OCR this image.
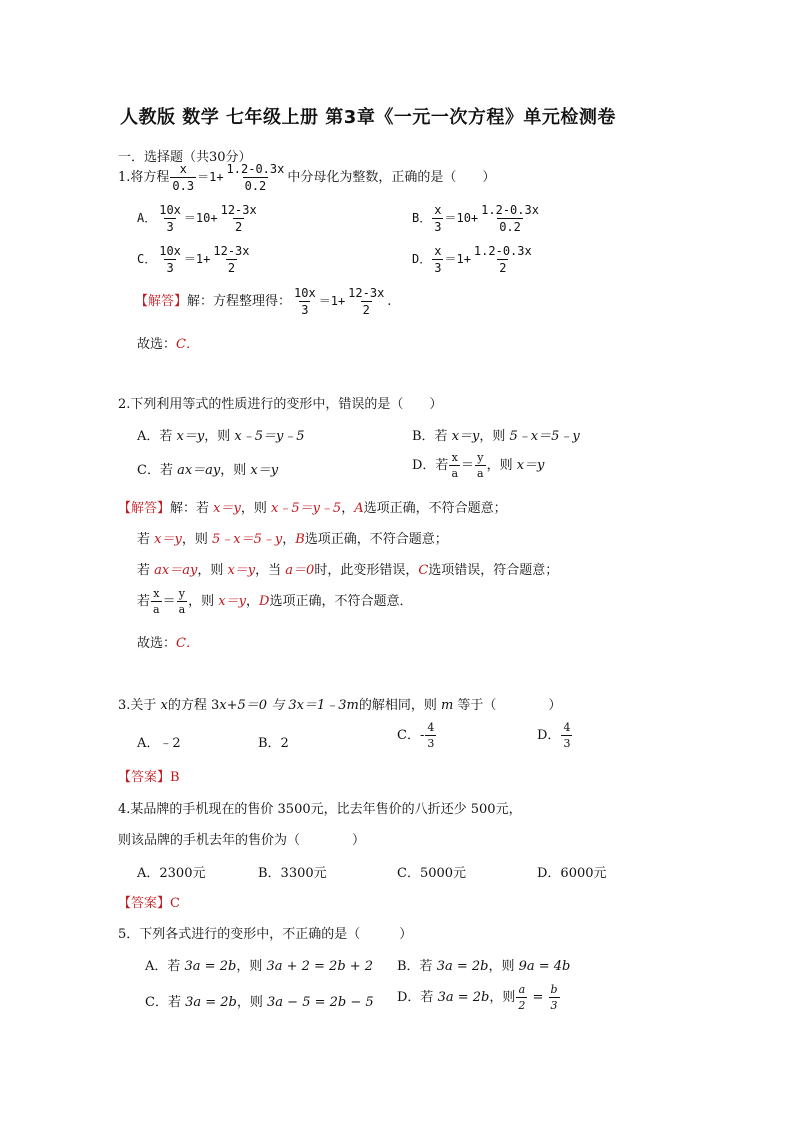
人教版 数学 七年级上册 第3章《一元一次方程》单元检测卷
一．选择题（共30分）
1.将方程 $\frac{x}{0.3} =1+ \frac{1.2-0.3x}{0.2}$ 中分母化为整数，正确的是（　　）
A． $\frac{10x}{3} =10+ \frac{12-3x}{2}$	B． $\frac{x}{3} =10+ \frac{1.2-0.3x}{0.2}$
C． $\frac{10x}{3} =1+ \frac{12-3x}{2}$	D． $\frac{x}{3} =1+ \frac{1.2-0.3x}{2}$
【解答】解：方程整理得： $\frac{10x}{3} =1+ \frac{12-3x}{2}$ .
故选：C．
2.下列利用等式的性质进行的变形中，错误的是（　　）
A．若 x＝y，则 x﹣5＝y﹣5	B．若 x＝y，则 5﹣x＝5﹣y
C．若 ax＝ay，则 x＝y	D．若 $\frac{x}{a} = \frac{y}{a}$ ，则 x＝y
【解答】解：若 x＝y，则 x﹣5＝y﹣5，A选项正确，不符合题意；
若 x＝y，则 5﹣x＝5﹣y，B选项正确，不符合题意；
若 ax＝ay，则 x＝y，当 a＝0时，此变形错误，C选项错误，符合题意；
若 $\frac{x}{a} = \frac{y}{a}$ ，则 x＝y，D选项正确，不符合题意．
故选：C．
3.关于 x的方程 3x+5＝0 与 3x＝1﹣3m的解相同，则 m 等于（　　　　）
A．﹣2	B．2
C．- $\frac{4}{3}$	D． $\frac{4}{3}$
【答案】B
4.某品牌的手机现在的售价 3500元，比去年售价的八折还少 500元，
则该品牌的手机去年的售价为（　　　　）
A．2300元	B．3300元	C．5000元	D．6000元
【答案】C
5．下列各式进行的变形中，不正确的是（　　　）
A．若 3a = 2b，则 3a + 2 = 2b + 2 B．若 3a = 2b，则 9a = 4b
C．若 3a = 2b，则 3a − 5 = 2b − 5 D．若 3a = 2b，则 $\frac{a}{2} = \frac{b}{3}$
